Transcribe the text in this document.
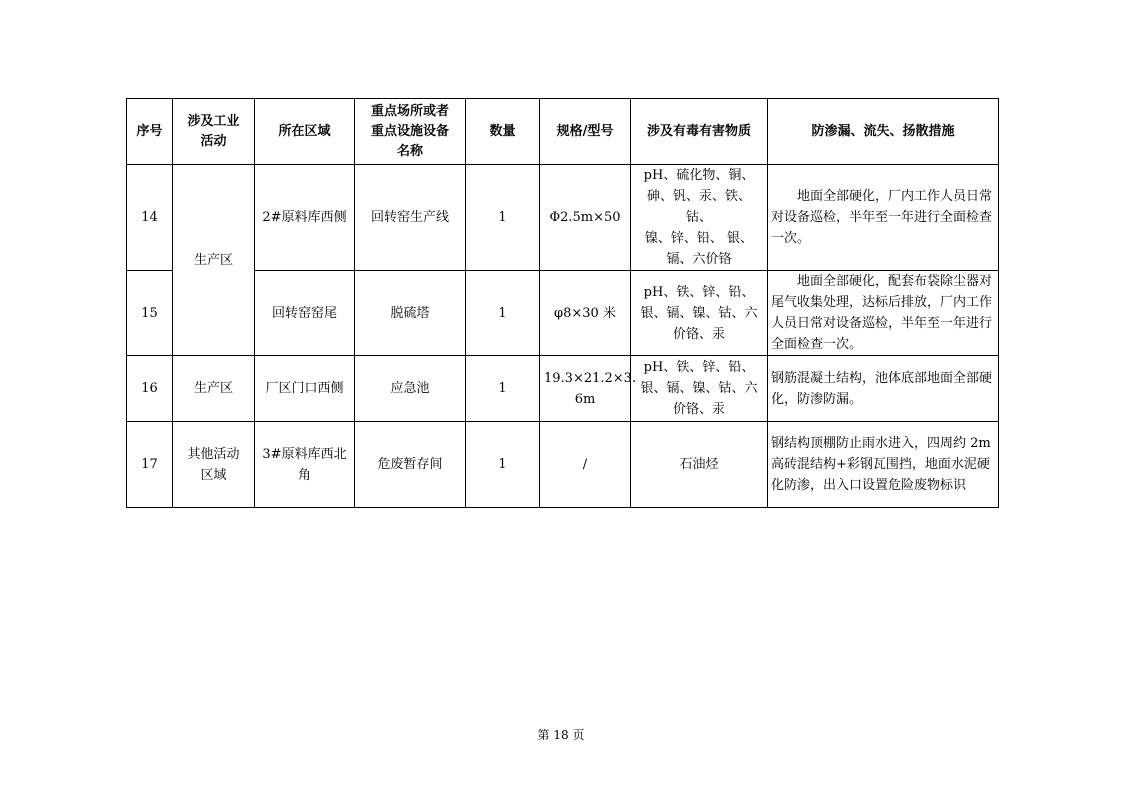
序号	涉及工业
活动	所在区域	重点场所或者
重点设施设备
名称	数量	规格/型号	涉及有毒有害物质	防渗漏、流失、扬散措施
14	生产区	2#原料库西侧	回转窑生产线	1	Φ2.5m×50	pH、硫化物、铜、
砷、钒、汞、铁、钴、
镍、锌、铅、 银、
镉、六价铬	地面全部硬化，厂内工作人员日常对设备巡检，半年至一年进行全面检查一次。
15		回转窑窑尾	脱硫塔	1	φ8×30 米	pH、铁、锌、铅、
银、镉、镍、钴、六
价铬、汞	地面全部硬化，配套布袋除尘器对尾气收集处理，达标后排放，厂内工作人员日常对设备巡检，半年至一年进行全面检查一次。
16	生产区	厂区门口西侧	应急池	1	19.3×21.2×3.
6m	pH、铁、锌、铅、
银、镉、镍、钴、六
价铬、汞	钢筋混凝土结构，池体底部地面全部硬化，防渗防漏。
17	其他活动
区域	3#原料库西北
角	危废暂存间	1	/	石油烃	钢结构顶棚防止雨水进入，四周约 2m 高砖混结构+彩钢瓦围挡，地面水泥硬化防渗，出入口设置危险废物标识
第 18 页
